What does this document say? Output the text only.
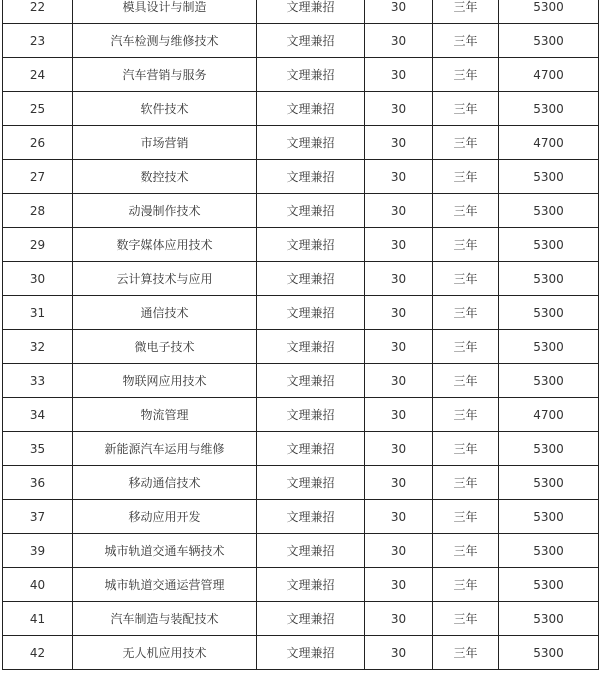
22	模具设计与制造	文理兼招	30	三年	5300
23	汽车检测与维修技术	文理兼招	30	三年	5300
24	汽车营销与服务	文理兼招	30	三年	4700
25	软件技术	文理兼招	30	三年	5300
26	市场营销	文理兼招	30	三年	4700
27	数控技术	文理兼招	30	三年	5300
28	动漫制作技术	文理兼招	30	三年	5300
29	数字媒体应用技术	文理兼招	30	三年	5300
30	云计算技术与应用	文理兼招	30	三年	5300
31	通信技术	文理兼招	30	三年	5300
32	微电子技术	文理兼招	30	三年	5300
33	物联网应用技术	文理兼招	30	三年	5300
34	物流管理	文理兼招	30	三年	4700
35	新能源汽车运用与维修	文理兼招	30	三年	5300
36	移动通信技术	文理兼招	30	三年	5300
37	移动应用开发	文理兼招	30	三年	5300
39	城市轨道交通车辆技术	文理兼招	30	三年	5300
40	城市轨道交通运营管理	文理兼招	30	三年	5300
41	汽车制造与装配技术	文理兼招	30	三年	5300
42	无人机应用技术	文理兼招	30	三年	5300
